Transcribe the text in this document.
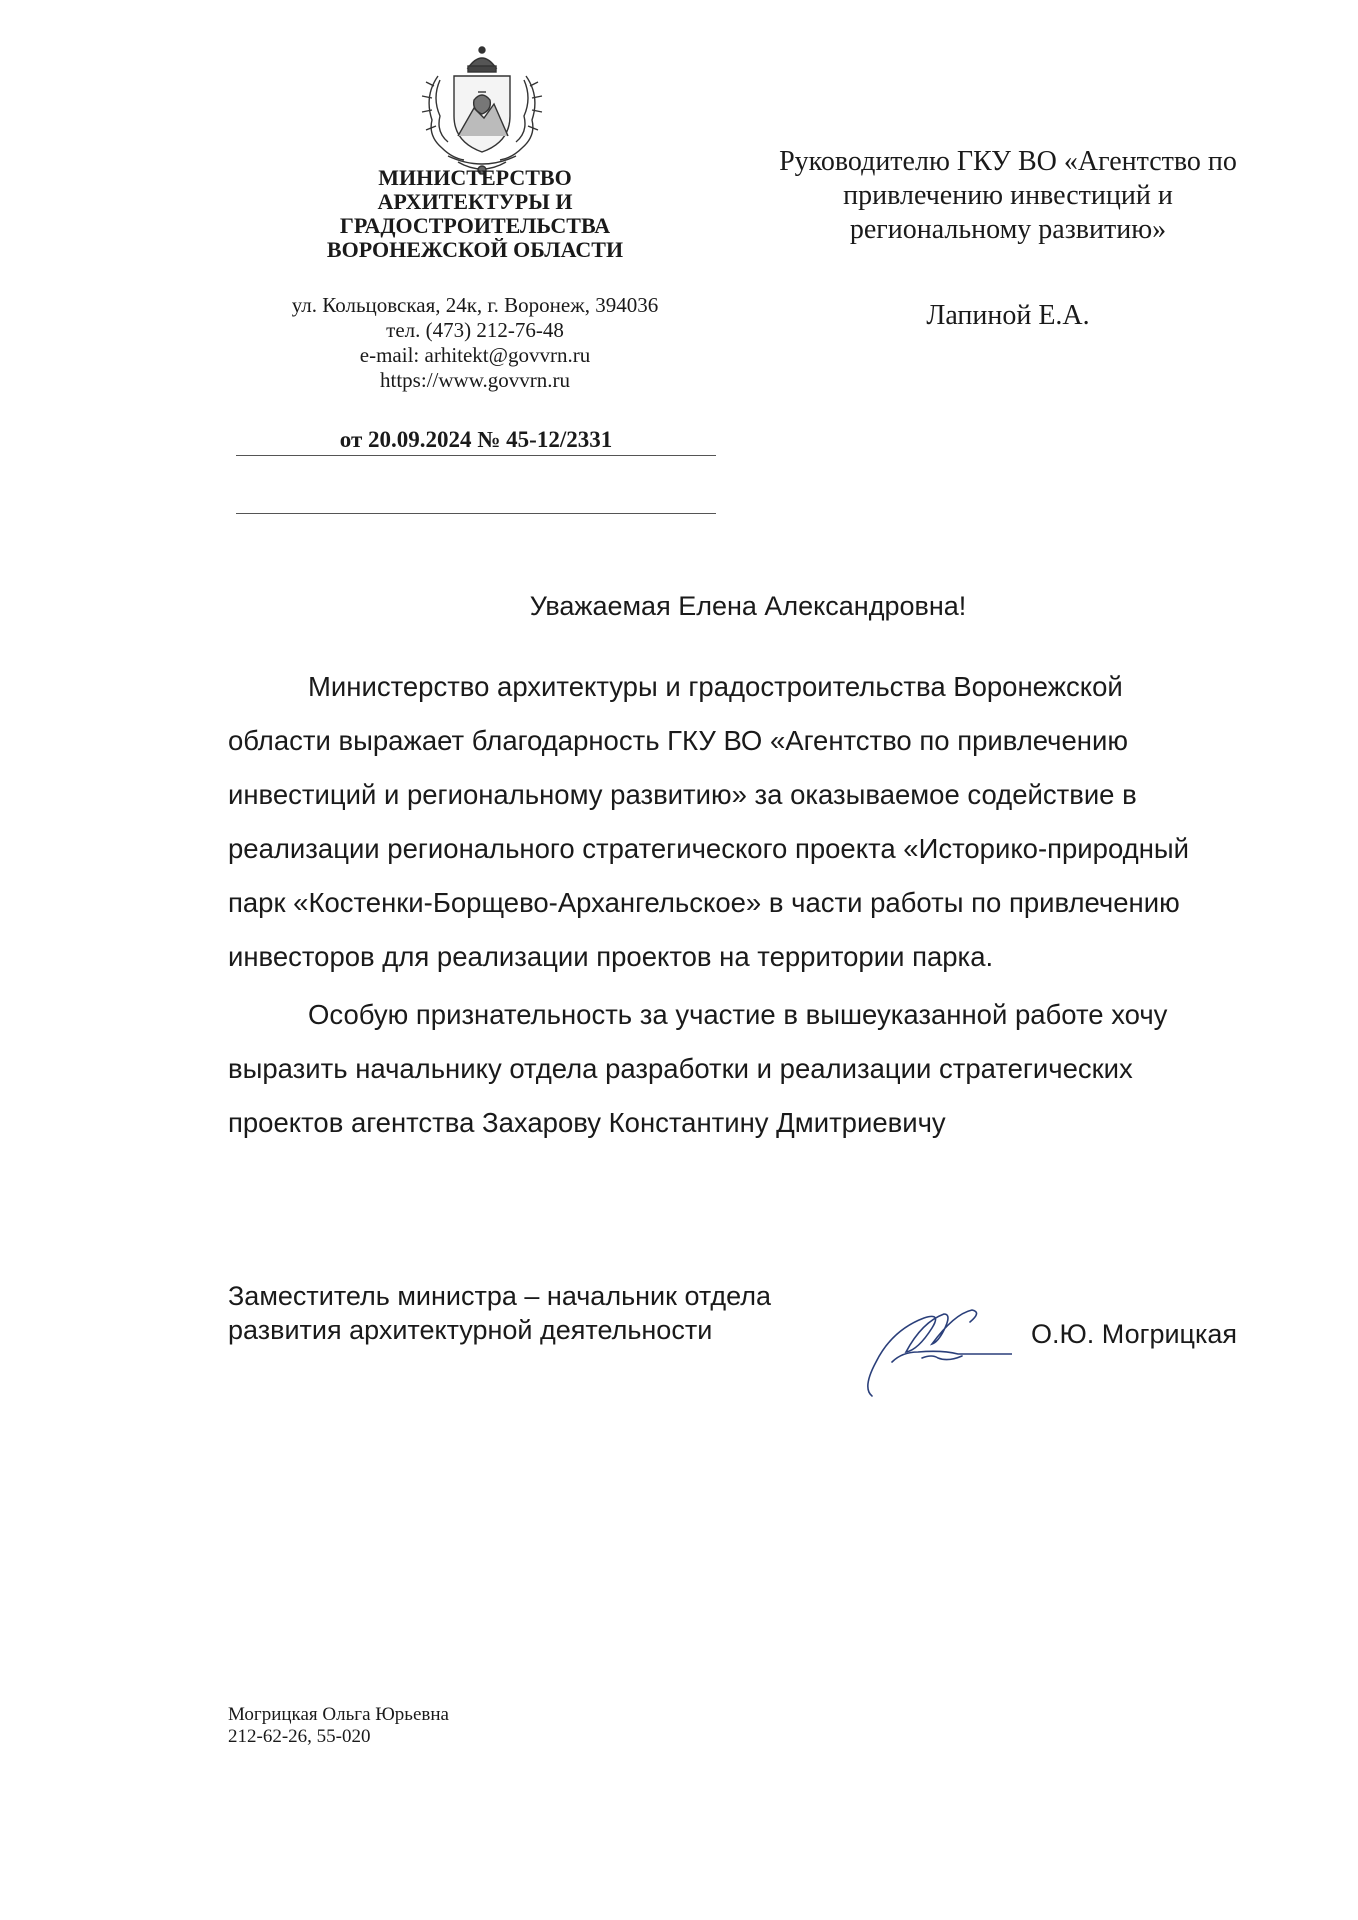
МИНИСТЕРСТВО
АРХИТЕКТУРЫ И
ГРАДОСТРОИТЕЛЬСТВА
ВОРОНЕЖСКОЙ ОБЛАСТИ
ул. Кольцовская, 24к, г. Воронеж, 394036
тел. (473) 212-76-48
e-mail: arhitekt@govvrn.ru
https://www.govvrn.ru
от 20.09.2024 № 45-12/2331
Руководителю ГКУ ВО «Агентство по
привлечению инвестиций и
региональному развитию»
Лапиной Е.А.
Уважаемая Елена Александровна!
Министерство архитектуры и градостроительства Воронежской
области выражает благодарность ГКУ ВО «Агентство по привлечению
инвестиций и региональному развитию» за оказываемое содействие в
реализации регионального стратегического проекта «Историко-природный
парк «Костенки-Борщево-Архангельское» в части работы по привлечению
инвесторов для реализации проектов на территории парка.
Особую признательность за участие в вышеуказанной работе хочу
выразить начальнику отдела разработки и реализации стратегических
проектов агентства Захарову Константину Дмитриевичу
Заместитель министра – начальник отдела
развития архитектурной деятельности	О.Ю. Могрицкая
Могрицкая Ольга Юрьевна
212-62-26, 55-020
